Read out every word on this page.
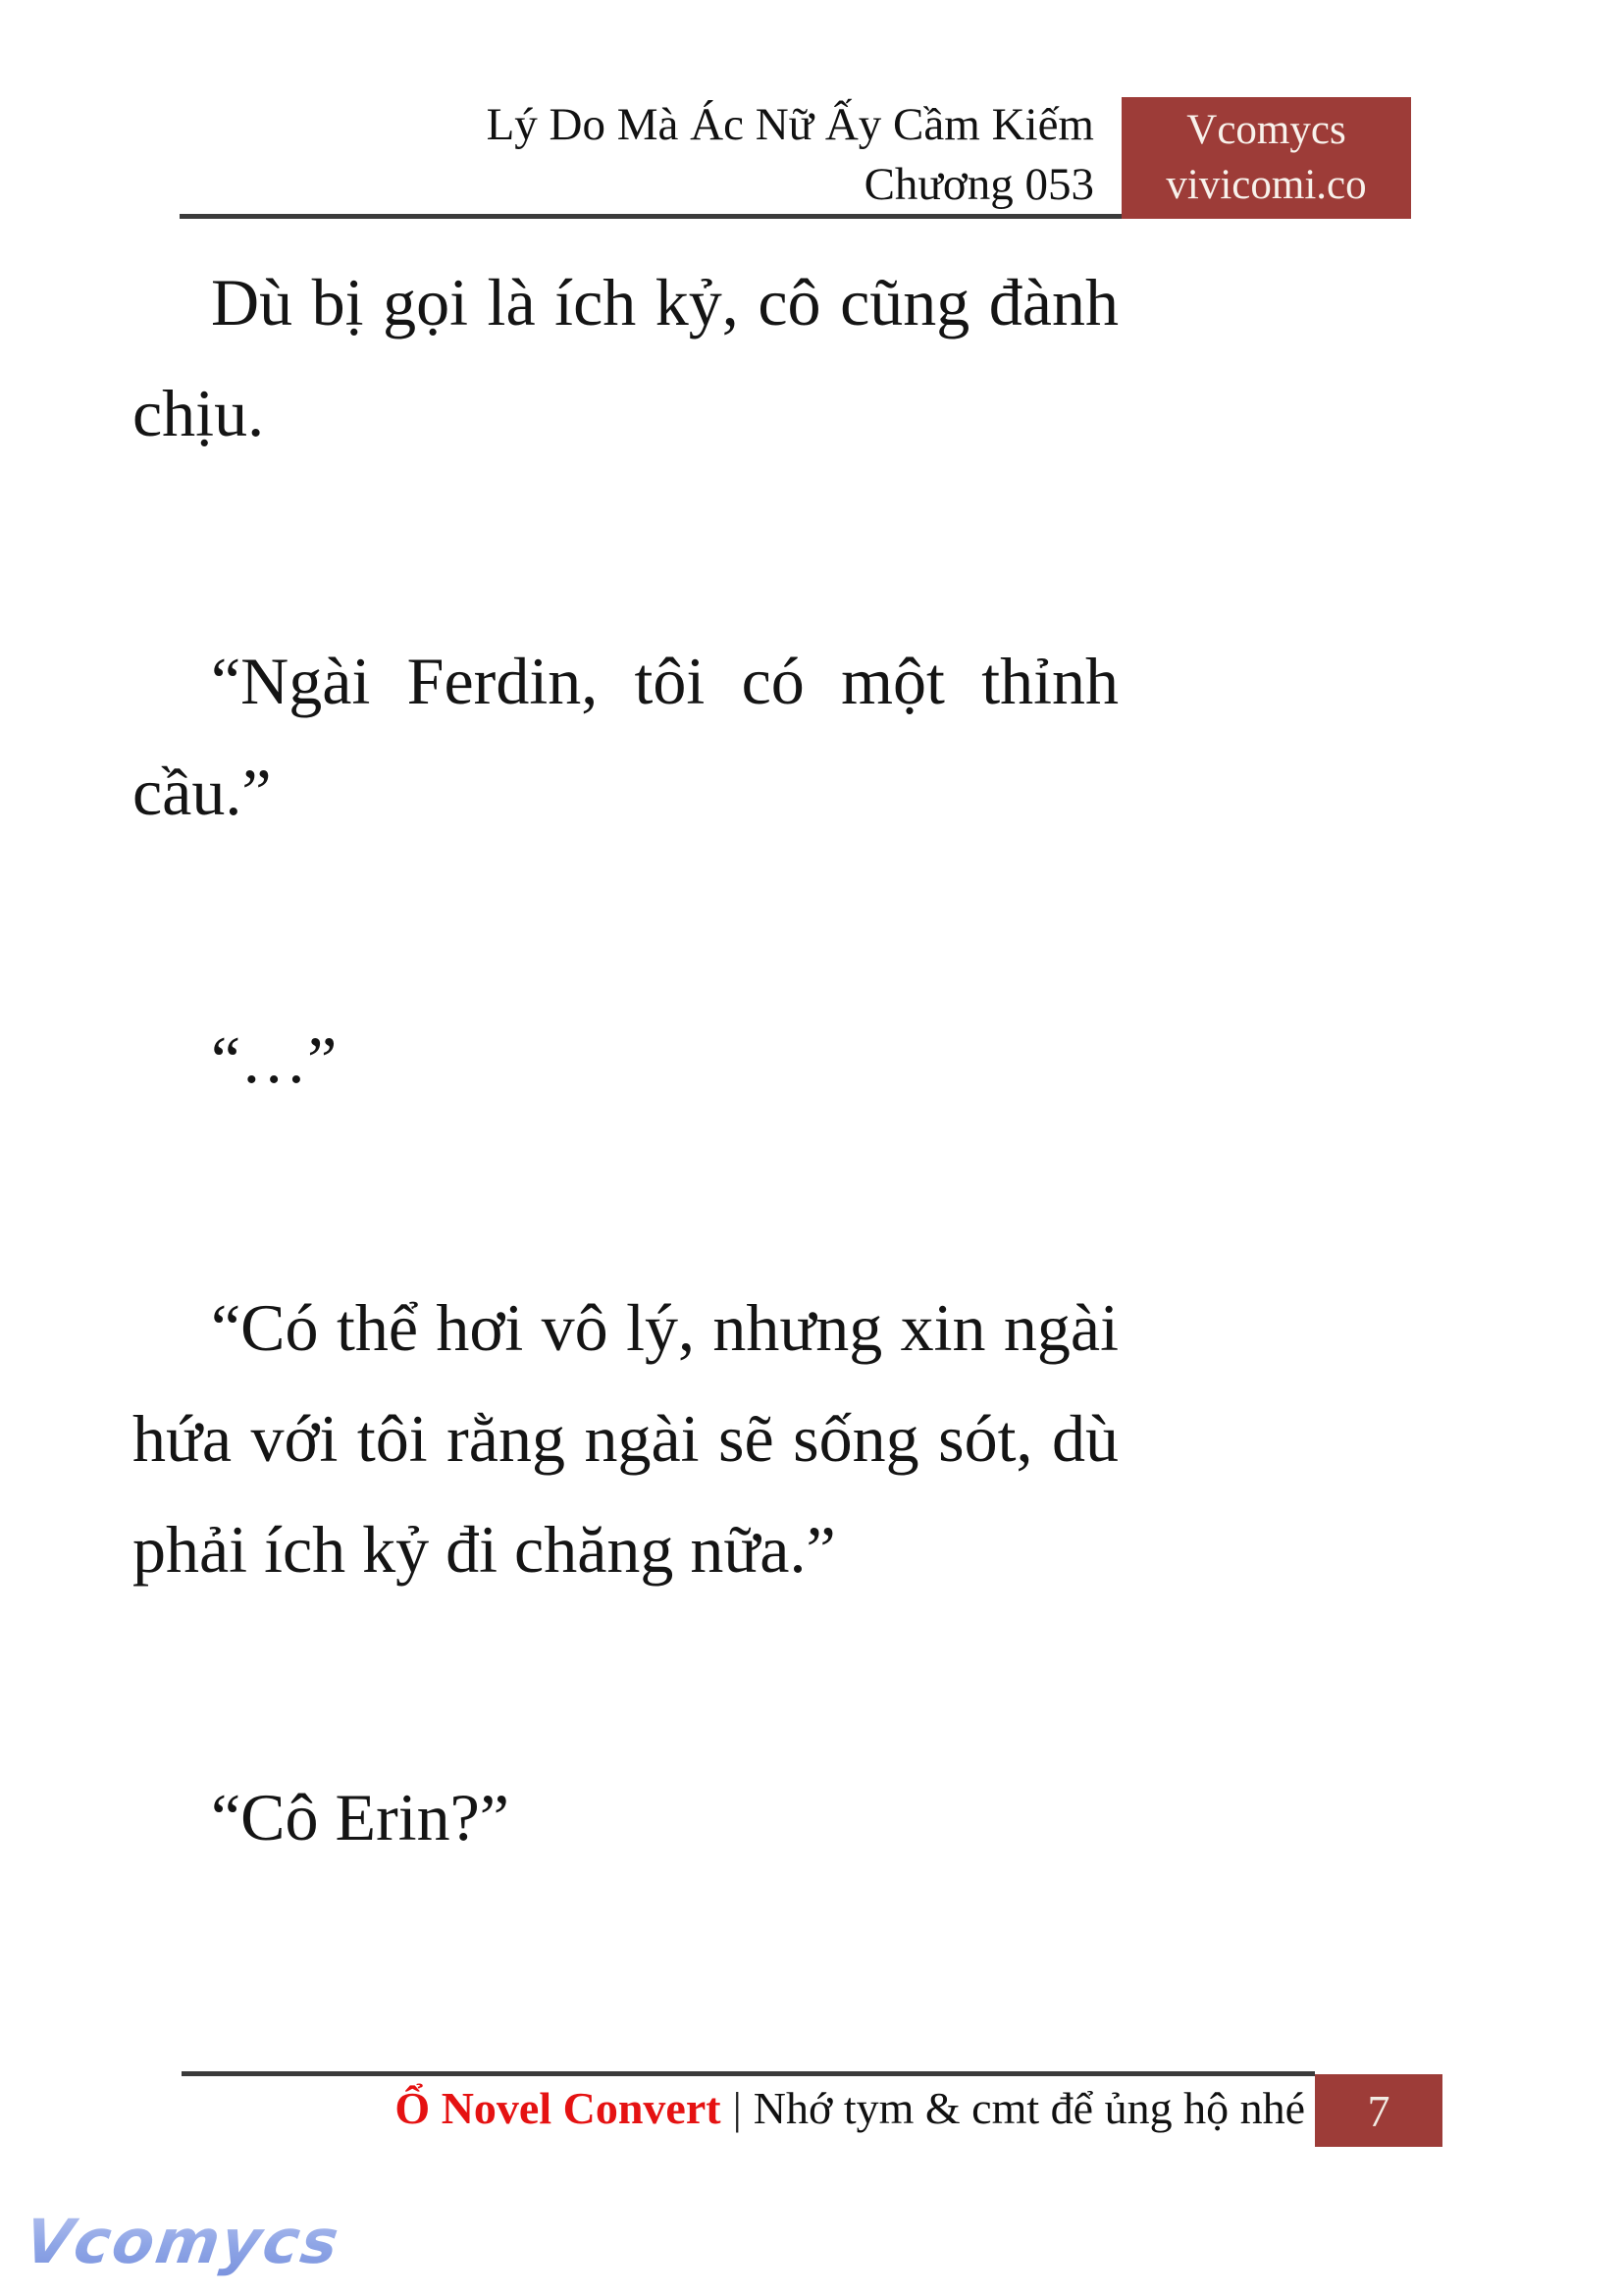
Lý Do Mà Ác Nữ Ấy Cầm Kiếm
Chương 053
Vcomycs
vivicomi.co
Dù bị gọi là ích kỷ, cô cũng đành
chịu.
“Ngài Ferdin, tôi có một thỉnh
cầu.”
“…”
“Có thể hơi vô lý, nhưng xin ngài
hứa với tôi rằng ngài sẽ sống sót, dù
phải ích kỷ đi chăng nữa.”
“Cô Erin?”
Ổ Novel Convert | Nhớ tym & cmt để ủng hộ nhé 7
Vcomycs
